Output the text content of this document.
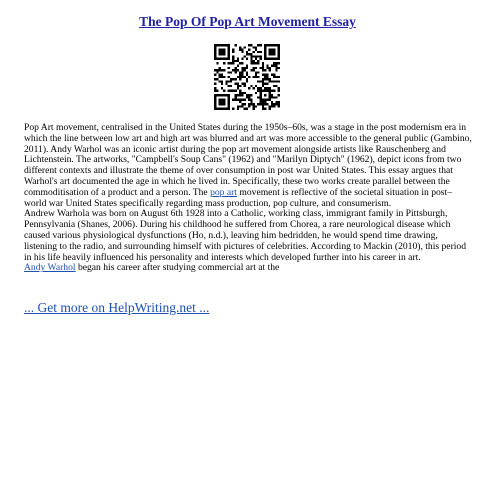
The Pop Of Pop Art Movement Essay

Pop Art movement, centralised in the United States during the 1950s–60s, was a stage in the post modernism era in which the line between low art and high art was blurred and art was more accessible to the general public (Gambino, 2011). Andy Warhol was an iconic artist during the pop art movement alongside artists like Rauschenberg and Lichtenstein. The artworks, "Campbell's Soup Cans" (1962) and "Marilyn Diptych" (1962), depict icons from two different contexts and illustrate the theme of over consumption in post war United States. This essay argues that Warhol's art documented the age in which he lived in. Specifically, these two works create parallel between the commoditisation of a product and a person. The pop art movement is reflective of the societal situation in post–world war United States specifically regarding mass production, pop culture, and consumerism.

Andrew Warhola was born on August 6th 1928 into a Catholic, working class, immigrant family in Pittsburgh, Pennsylvania (Shanes, 2006). During his childhood he suffered from Chorea, a rare neurological disease which caused various physiological dysfunctions (Ho, n.d.), leaving him bedridden, he would spend time drawing, listening to the radio, and surrounding himself with pictures of celebrities. According to Mackin (2010), this period in his life heavily influenced his personality and interests which developed further into his career in art.

Andy Warhol began his career after studying commercial art at the

... Get more on HelpWriting.net ...
